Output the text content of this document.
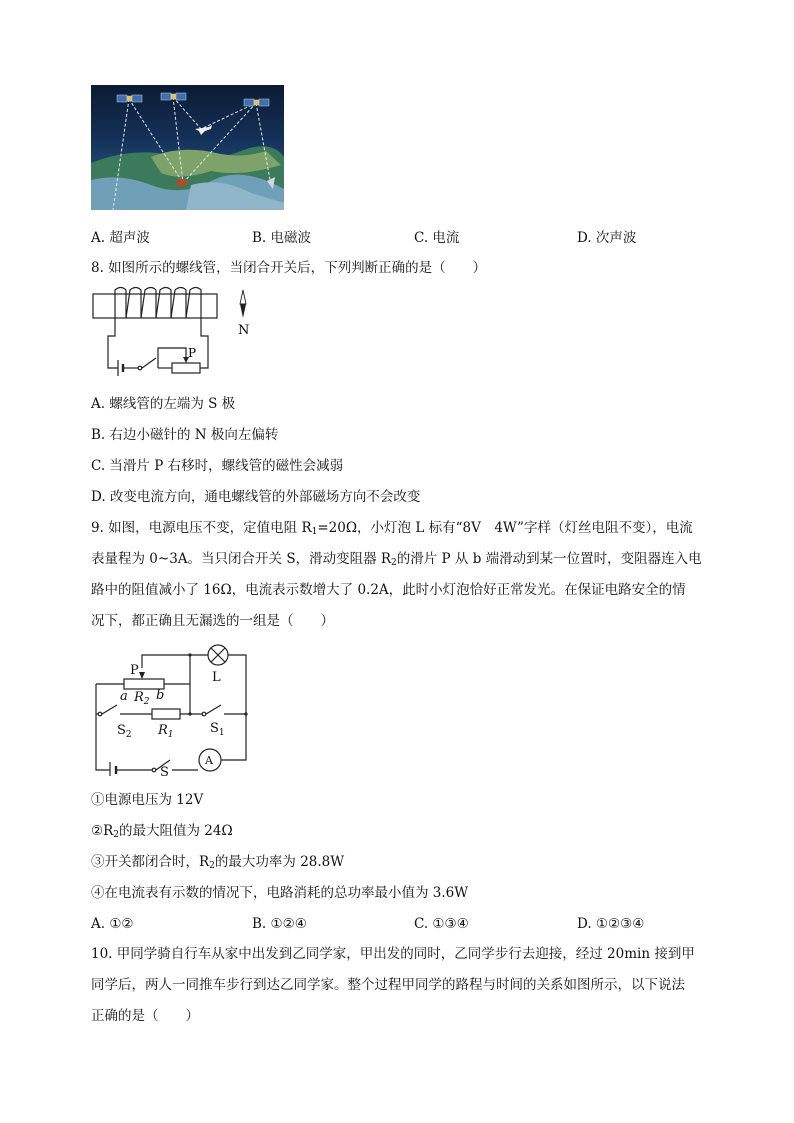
A. 超声波	B. 电磁波	C. 电流	D. 次声波
8. 如图所示的螺线管，当闭合开关后，下列判断正确的是（　　）
P
N
A. 螺线管的左端为 S 极
B. 右边小磁针的 N 极向左偏转
C. 当滑片 P 右移时，螺线管的磁性会减弱
D. 改变电流方向，通电螺线管的外部磁场方向不会改变
9. 如图，电源电压不变，定值电阻 $R_1=20\Omega$，小灯泡 L 标有“8V　4W”字样（灯丝电阻不变），电流
表量程为 0~3A。当只闭合开关 S，滑动变阻器 $R_2$的滑片 P 从 b 端滑动到某一位置时，变阻器连入电
路中的阻值减小了 16Ω，电流表示数增大了 0.2A，此时小灯泡恰好正常发光。在保证电路安全的情
况下，都正确且无漏选的一组是（　　）
P
a $R_2$ b
L
$S_2$ $R_1$	$S_1$
S
A
①电源电压为 12V
$②R_2$的最大阻值为 24Ω
③开关都闭合时，$R_2$的最大功率为 28.8W
④在电流表有示数的情况下，电路消耗的总功率最小值为 3.6W
A. ①②	B. ①②④	C. ①③④	D. ①②③④
10. 甲同学骑自行车从家中出发到乙同学家，甲出发的同时，乙同学步行去迎接，经过 20min 接到甲
同学后，两人一同推车步行到达乙同学家。整个过程甲同学的路程与时间的关系如图所示，以下说法
正确的是（　　）
